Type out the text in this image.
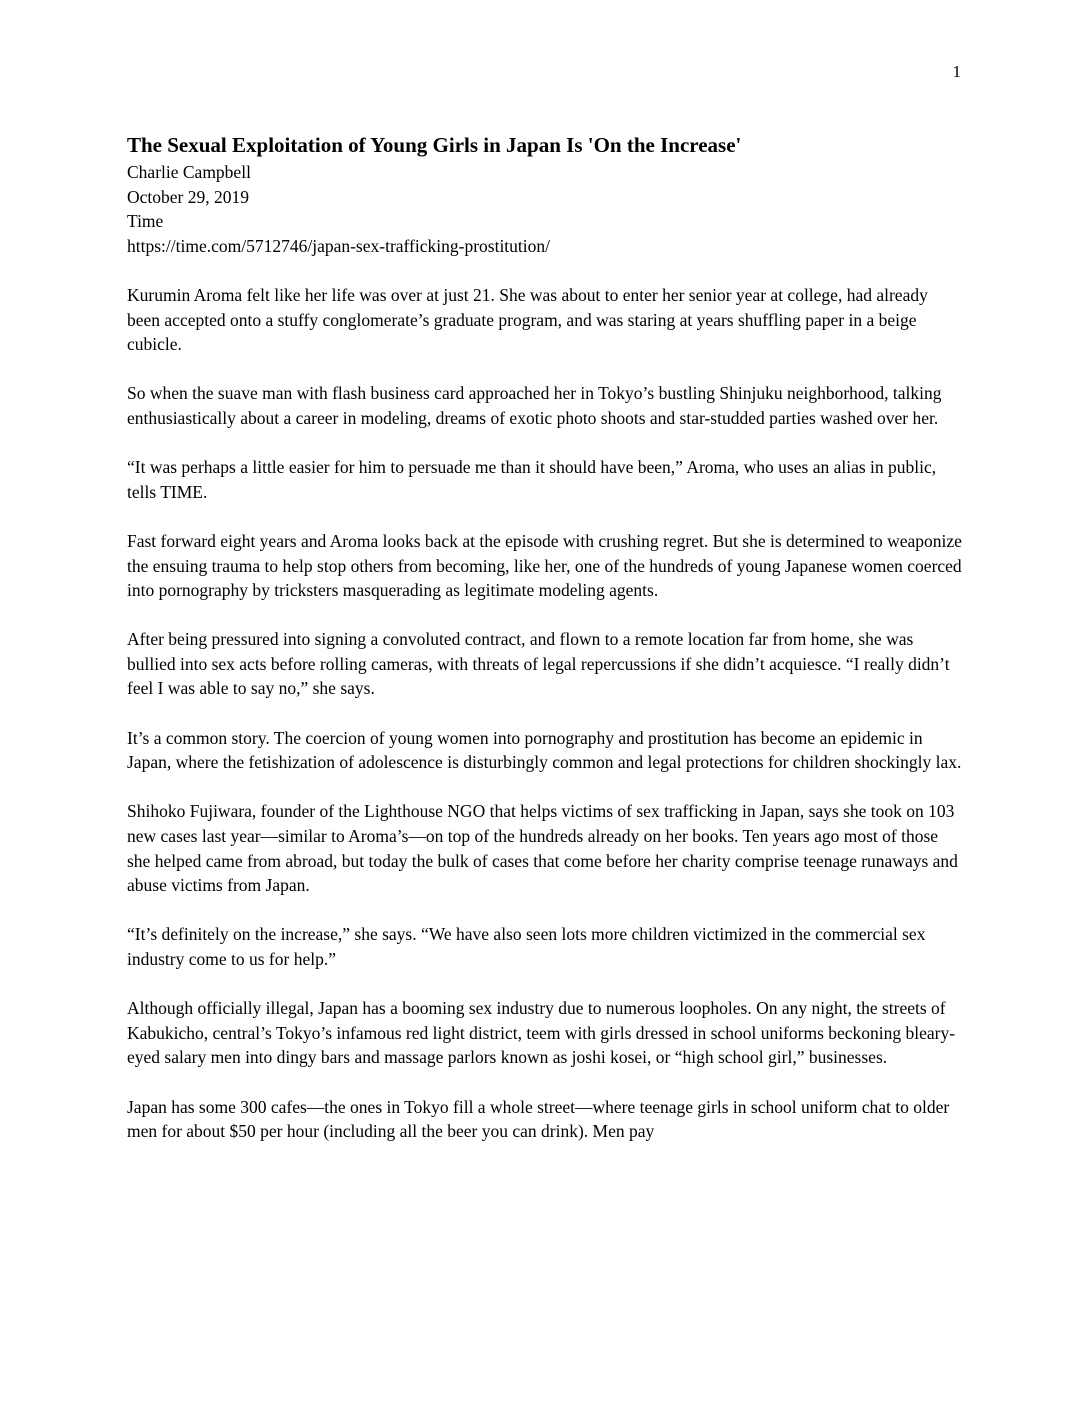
1
The Sexual Exploitation of Young Girls in Japan Is 'On the Increase'
Charlie Campbell
October 29, 2019
Time
https://time.com/5712746/japan-sex-trafficking-prostitution/

Kurumin Aroma felt like her life was over at just 21. She was about to enter her senior year at college, had already been accepted onto a stuffy conglomerate’s graduate program, and was staring at years shuffling paper in a beige cubicle.

So when the suave man with flash business card approached her in Tokyo’s bustling Shinjuku neighborhood, talking enthusiastically about a career in modeling, dreams of exotic photo shoots and star-studded parties washed over her.

“It was perhaps a little easier for him to persuade me than it should have been,” Aroma, who uses an alias in public, tells TIME.

Fast forward eight years and Aroma looks back at the episode with crushing regret. But she is determined to weaponize the ensuing trauma to help stop others from becoming, like her, one of the hundreds of young Japanese women coerced into pornography by tricksters masquerading as legitimate modeling agents.

After being pressured into signing a convoluted contract, and flown to a remote location far from home, she was bullied into sex acts before rolling cameras, with threats of legal repercussions if she didn’t acquiesce. “I really didn’t feel I was able to say no,” she says.

It’s a common story. The coercion of young women into pornography and prostitution has become an epidemic in Japan, where the fetishization of adolescence is disturbingly common and legal protections for children shockingly lax.

Shihoko Fujiwara, founder of the Lighthouse NGO that helps victims of sex trafficking in Japan, says she took on 103 new cases last year—similar to Aroma’s—on top of the hundreds already on her books. Ten years ago most of those she helped came from abroad, but today the bulk of cases that come before her charity comprise teenage runaways and abuse victims from Japan.

“It’s definitely on the increase,” she says. “We have also seen lots more children victimized in the commercial sex industry come to us for help.”

Although officially illegal, Japan has a booming sex industry due to numerous loopholes. On any night, the streets of Kabukicho, central’s Tokyo’s infamous red light district, teem with girls dressed in school uniforms beckoning bleary-eyed salary men into dingy bars and massage parlors known as joshi kosei, or “high school girl,” businesses.

Japan has some 300 cafes—the ones in Tokyo fill a whole street—where teenage girls in school uniform chat to older men for about $50 per hour (including all the beer you can drink). Men pay
